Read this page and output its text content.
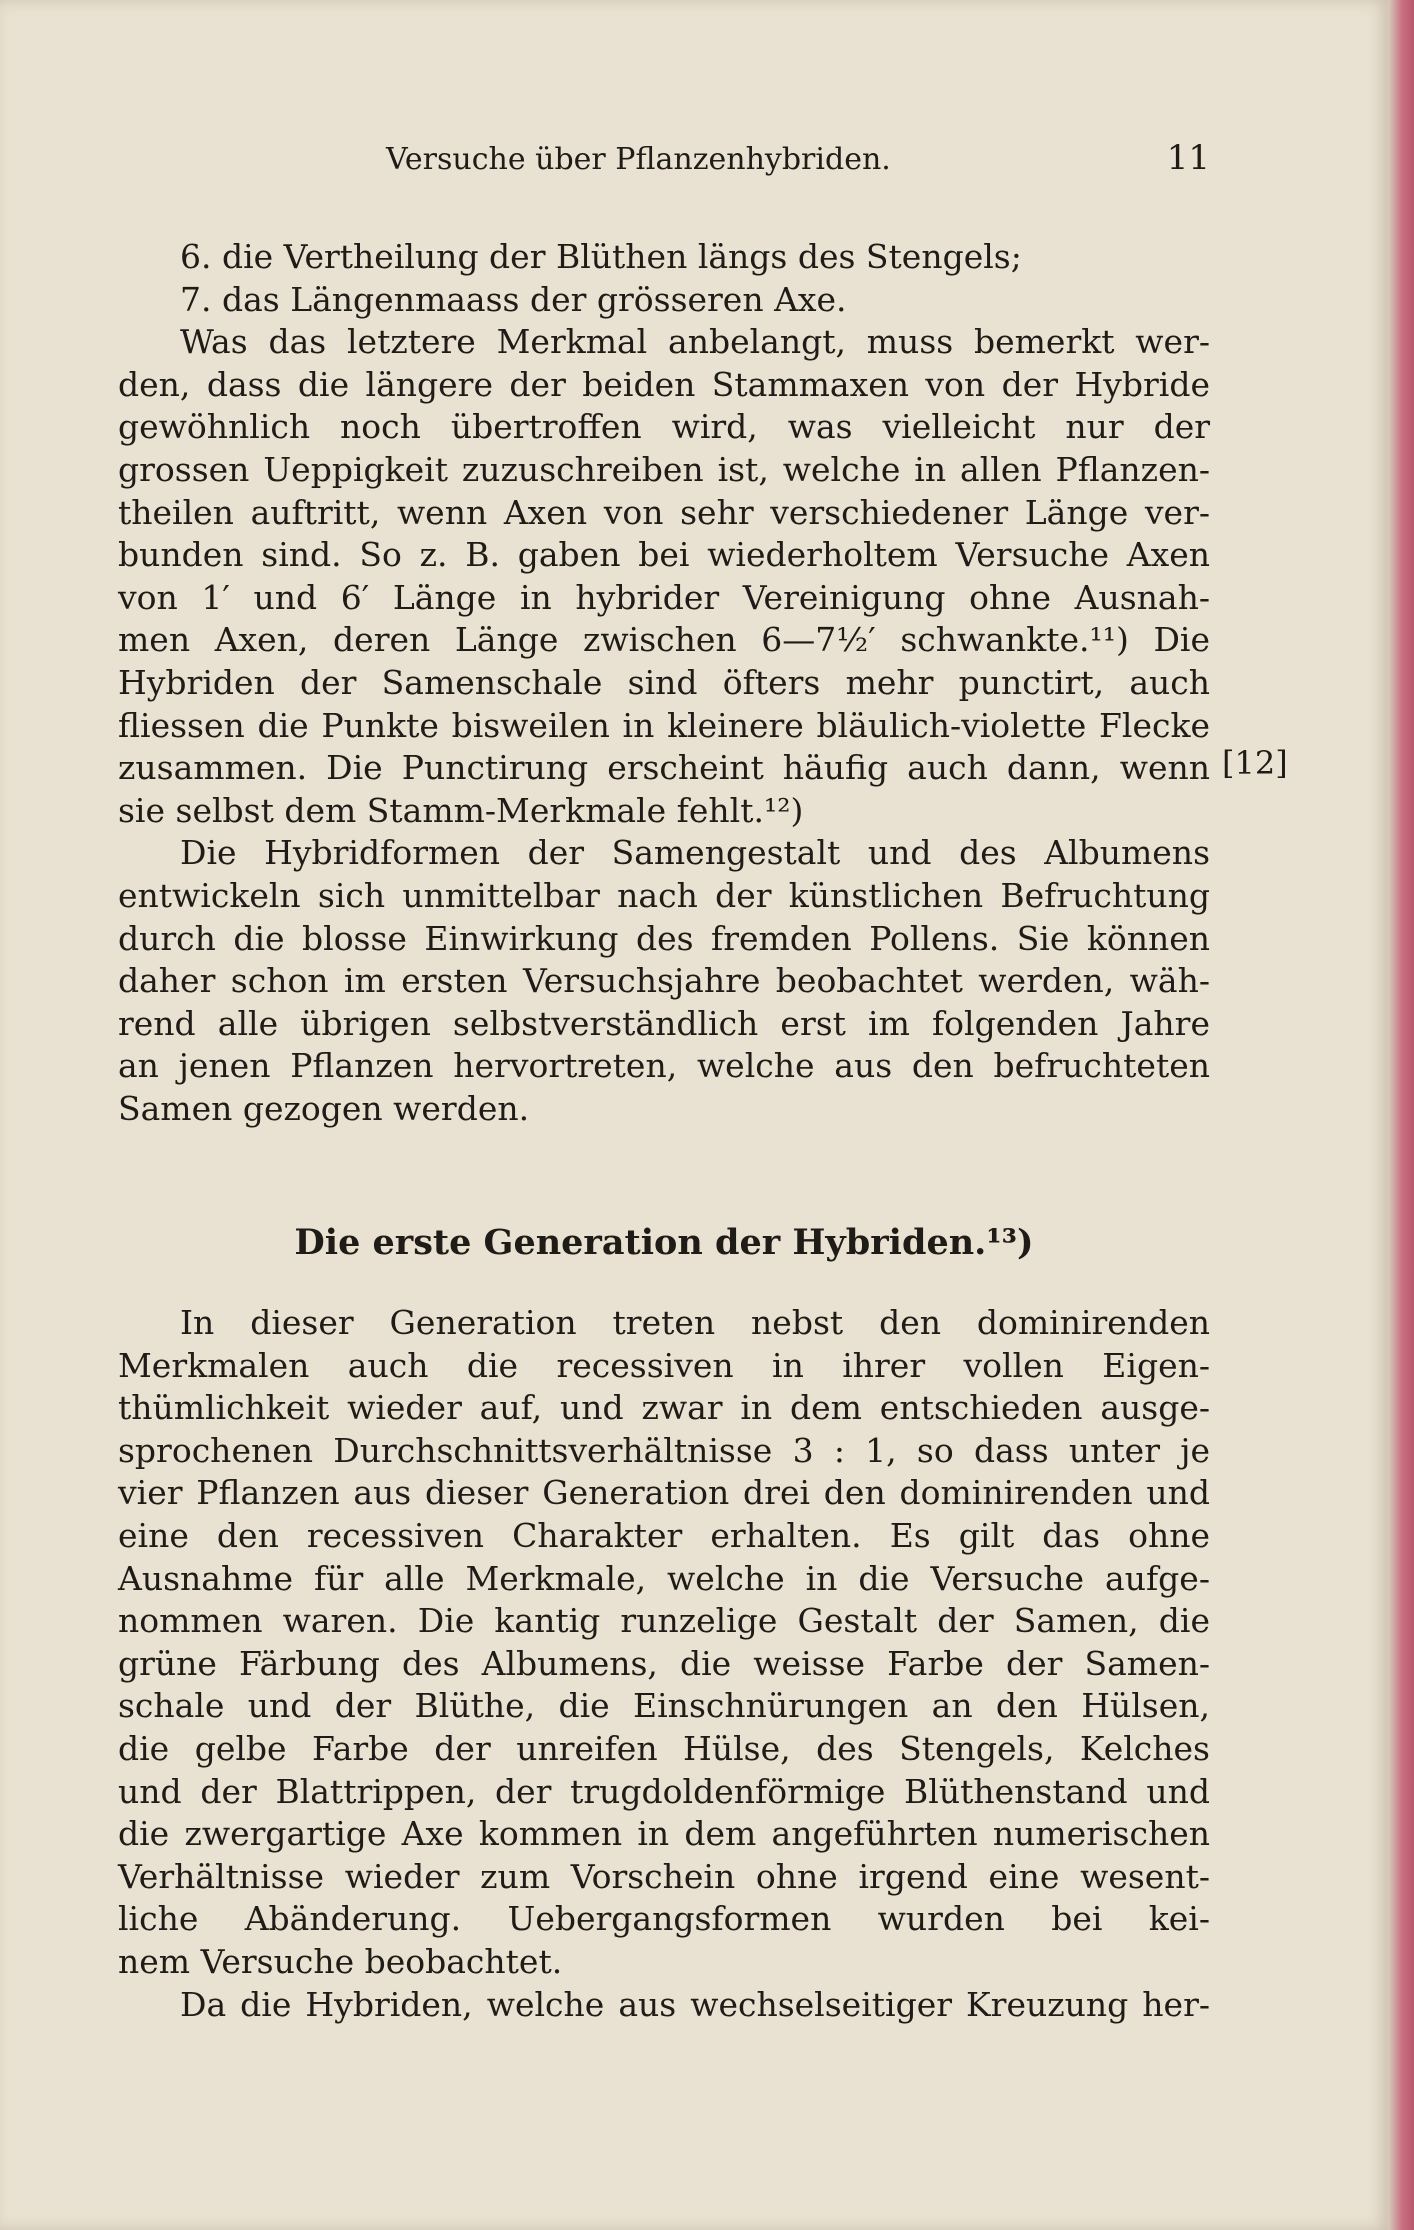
Versuche über Pflanzenhybriden.	11
6. die Vertheilung der Blüthen längs des Stengels;
7. das Längenmaass der grösseren Axe.
Was das letztere Merkmal anbelangt, muss bemerkt wer-
den, dass die längere der beiden Stammaxen von der Hybride
gewöhnlich noch übertroffen wird, was vielleicht nur der
grossen Ueppigkeit zuzuschreiben ist, welche in allen Pflanzen-
theilen auftritt, wenn Axen von sehr verschiedener Länge ver-
bunden sind. So z. B. gaben bei wiederholtem Versuche Axen
von 1′ und 6′ Länge in hybrider Vereinigung ohne Ausnah-
men Axen, deren Länge zwischen 6—7½′ schwankte.¹¹) Die
Hybriden der Samenschale sind öfters mehr punctirt, auch
fliessen die Punkte bisweilen in kleinere bläulich-violette Flecke
zusammen. Die Punctirung erscheint häufig auch dann, wenn
sie selbst dem Stamm-Merkmale fehlt.¹²)
Die Hybridformen der Samengestalt und des Albumens
entwickeln sich unmittelbar nach der künstlichen Befruchtung
durch die blosse Einwirkung des fremden Pollens. Sie können
daher schon im ersten Versuchsjahre beobachtet werden, wäh-
rend alle übrigen selbstverständlich erst im folgenden Jahre
an jenen Pflanzen hervortreten, welche aus den befruchteten
Samen gezogen werden.
[12]
Die erste Generation der Hybriden.¹³)
In dieser Generation treten nebst den dominirenden
Merkmalen auch die recessiven in ihrer vollen Eigen-
thümlichkeit wieder auf, und zwar in dem entschieden ausge-
sprochenen Durchschnittsverhältnisse 3 : 1, so dass unter je
vier Pflanzen aus dieser Generation drei den dominirenden und
eine den recessiven Charakter erhalten. Es gilt das ohne
Ausnahme für alle Merkmale, welche in die Versuche aufge-
nommen waren. Die kantig runzelige Gestalt der Samen, die
grüne Färbung des Albumens, die weisse Farbe der Samen-
schale und der Blüthe, die Einschnürungen an den Hülsen,
die gelbe Farbe der unreifen Hülse, des Stengels, Kelches
und der Blattrippen, der trugdoldenförmige Blüthenstand und
die zwergartige Axe kommen in dem angeführten numerischen
Verhältnisse wieder zum Vorschein ohne irgend eine wesent-
liche Abänderung. Uebergangsformen wurden bei kei-
nem Versuche beobachtet.
Da die Hybriden, welche aus wechselseitiger Kreuzung her-
